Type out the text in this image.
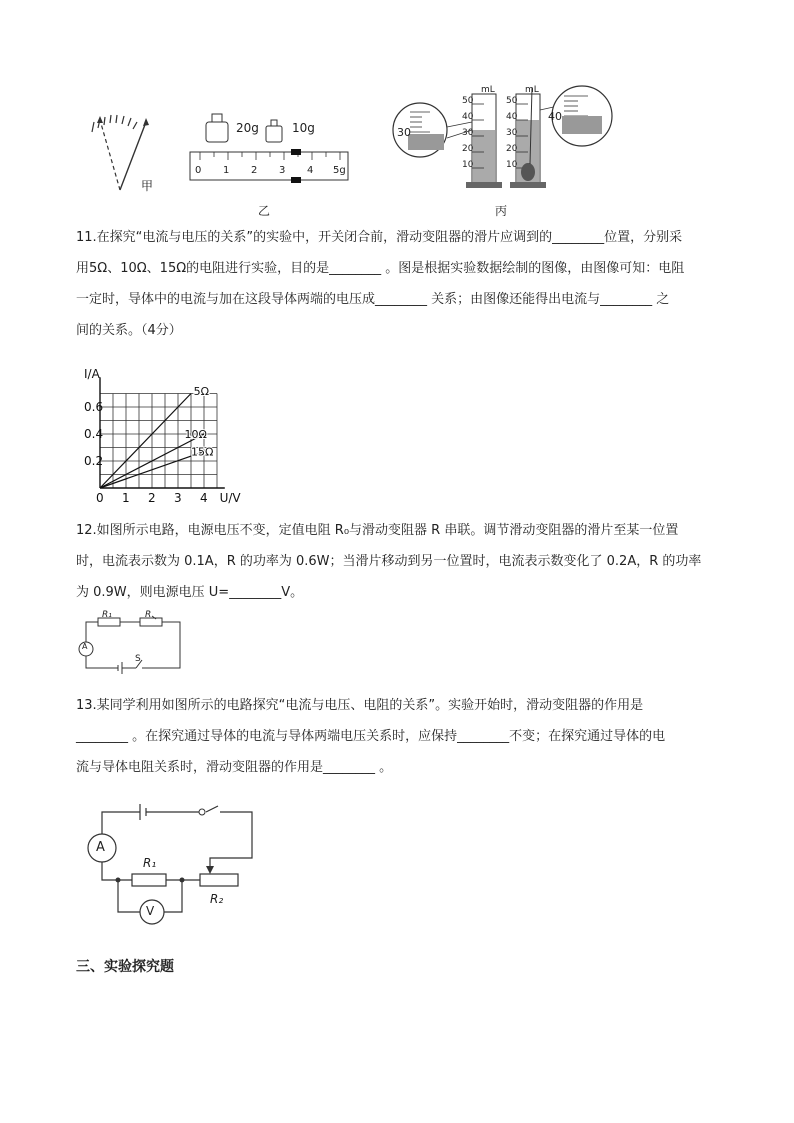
甲
20g	10g
0 1 2 3 4 5g
乙
30
40
mL	mL
50
40
30
20
10
50
40
30
20
10
丙
11.在探究“电流与电压的关系”的实验中，开关闭合前，滑动变阻器的滑片应调到的________位置，分别采
用5Ω、10Ω、15Ω的电阻进行实验，目的是________ 。图是根据实验数据绘制的图像，由图像可知：电阻
一定时，导体中的电流与加在这段导体两端的电压成________ 关系；由图像还能得出电流与________ 之
间的关系。（4分）
0 1 2 3 4
0.2
0.4
0.6
U/V
I/A
5Ω
10Ω
15Ω
12.如图所示电路，电源电压不变，定值电阻 R₀与滑动变阻器 R 串联。调节滑动变阻器的滑片至某一位置
时，电流表示数为 0.1A，R 的功率为 0.6W；当滑片移动到另一位置时，电流表示数变化了 0.2A，R 的功率
为 0.9W，则电源电压 U=________V。
A
R₁	R
S
13.某同学利用如图所示的电路探究“电流与电压、电阻的关系”。实验开始时，滑动变阻器的作用是
________ 。在探究通过导体的电流与导体两端电压关系时，应保持________不变；在探究通过导体的电
流与导体电阻关系时，滑动变阻器的作用是________ 。
A
R₁
R₂
V
三、实验探究题
